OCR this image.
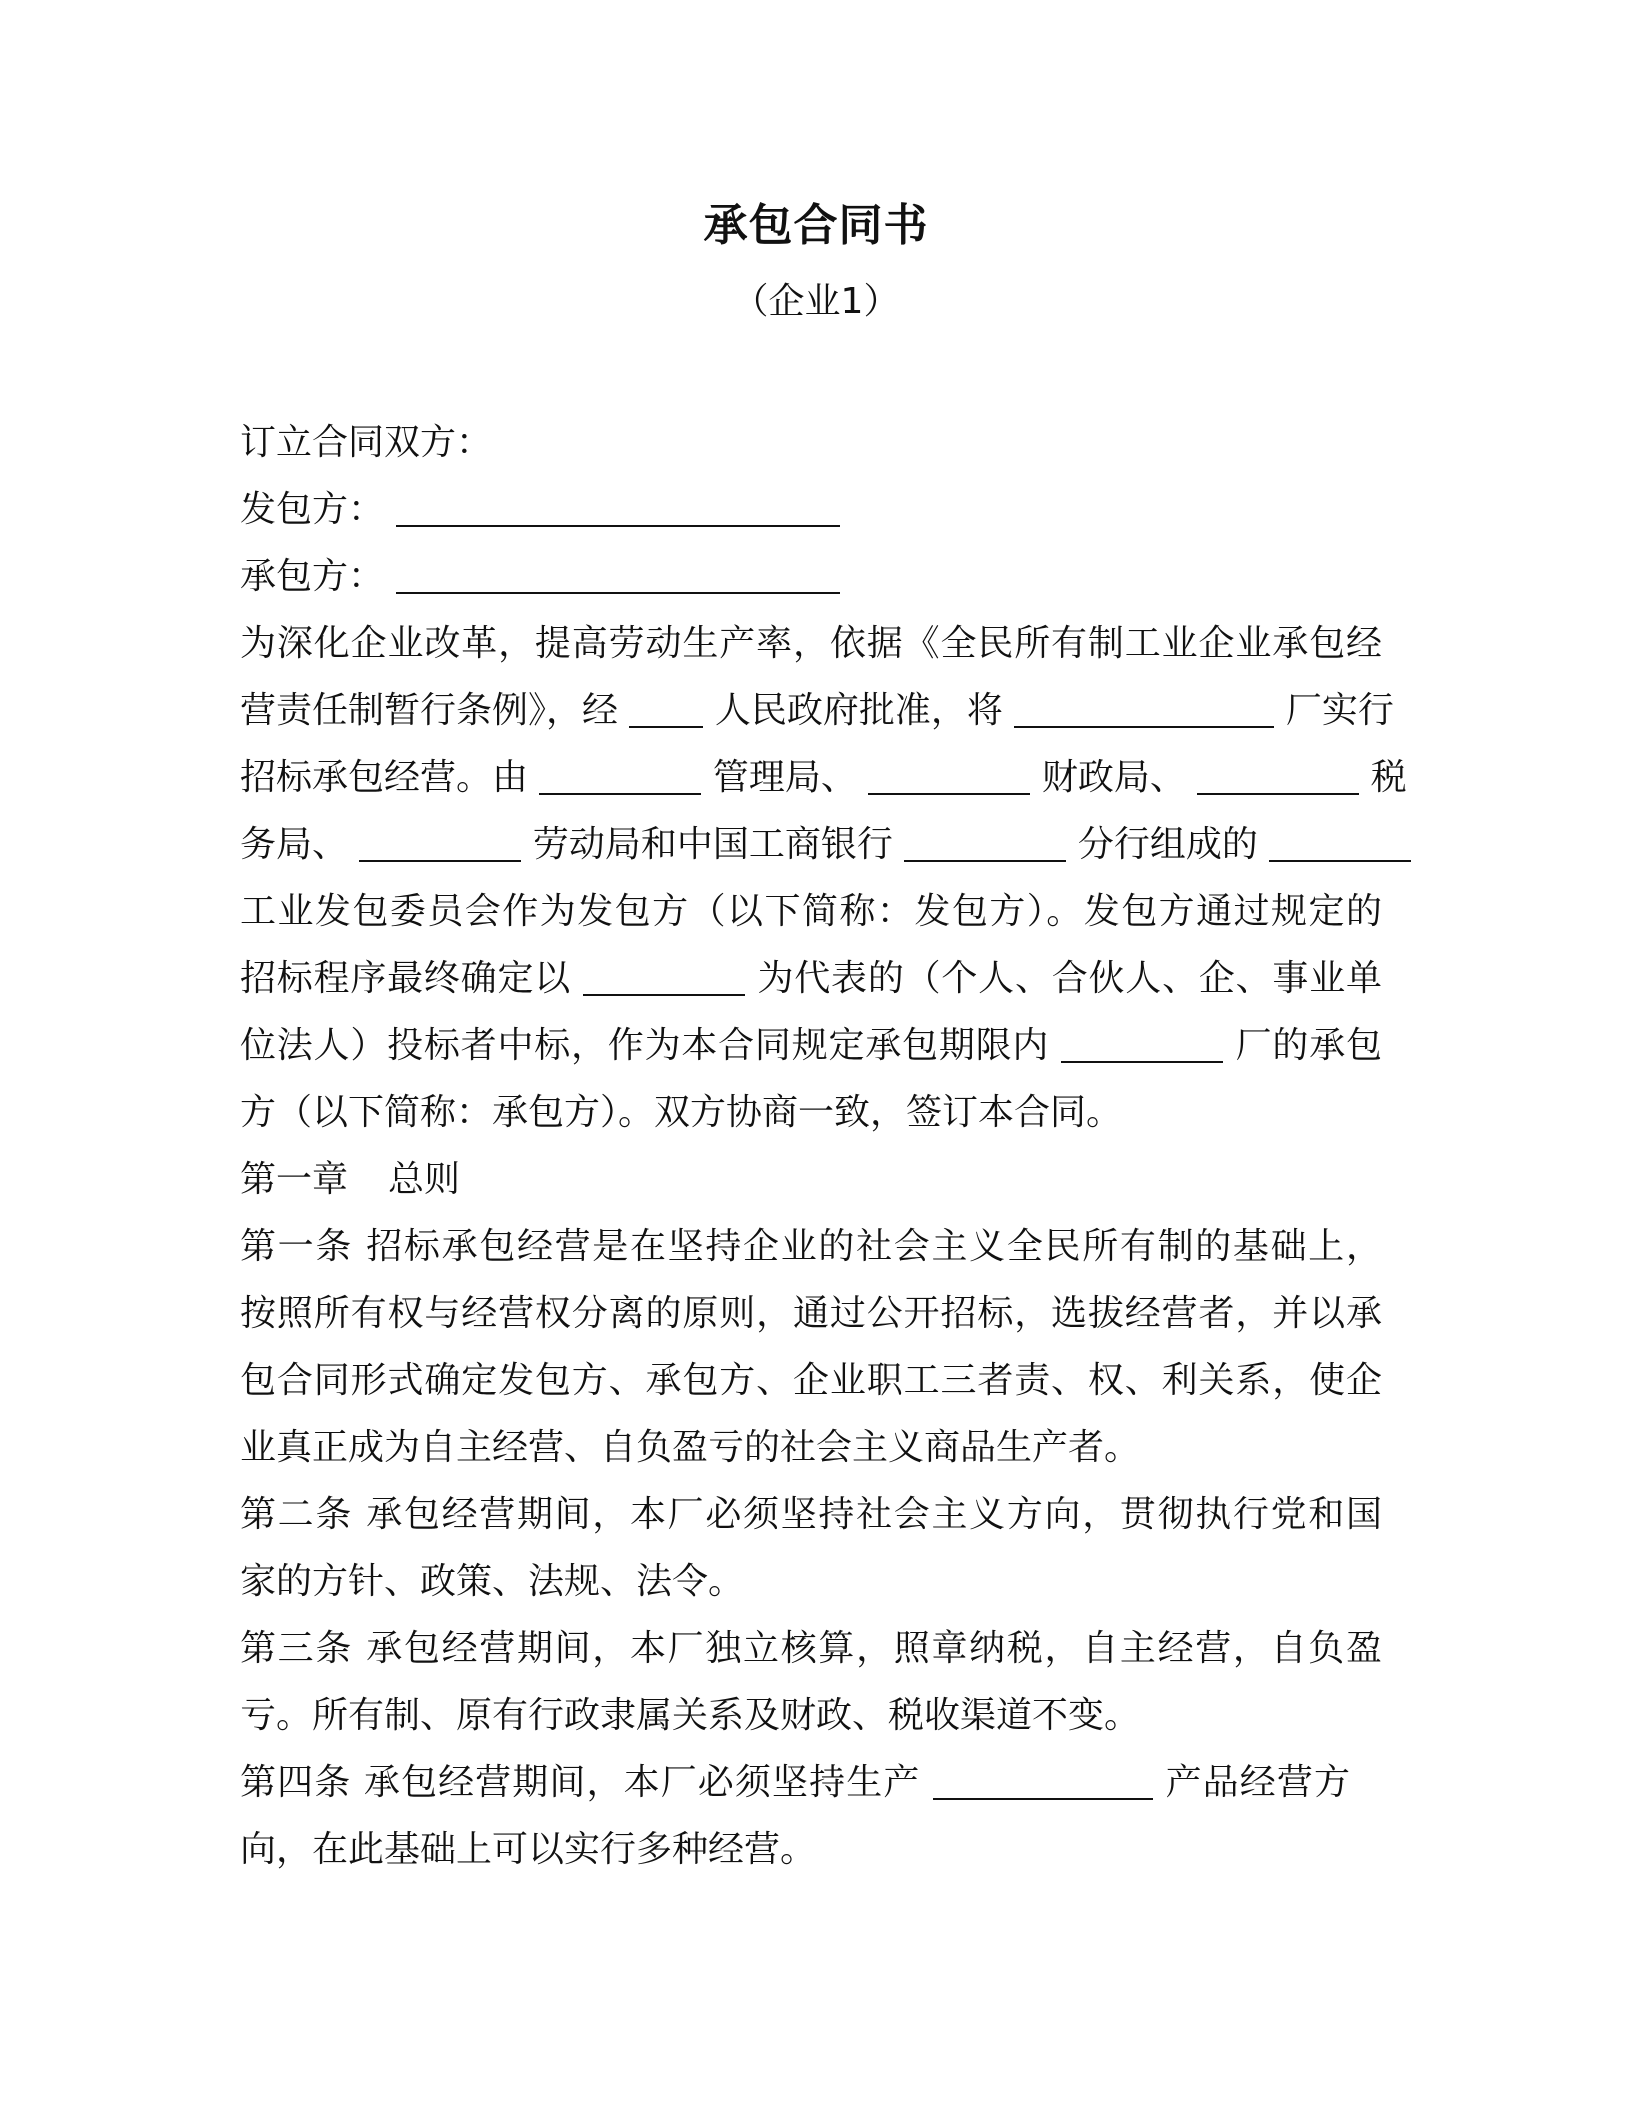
承包合同书
（企业1）
订立合同双方：
发包方：
承包方：
为深化企业改革，提高劳动生产率，依据《全民所有制工业企业承包经
营责任制暂行条例》，经	人民政府批准，将	厂实行
招标承包经营。由	管理局、	财政局、	税
务局、	劳动局和中国工商银行	分行组成的
工业发包委员会作为发包方（以下简称：发包方）。发包方通过规定的
招标程序最终确定以	为代表的（个人、合伙人、企、事业单
位法人）投标者中标，作为本合同规定承包期限内	厂的承包
方（以下简称：承包方）。双方协商一致，签订本合同。
第一章 总则
第一条 招标承包经营是在坚持企业的社会主义全民所有制的基础上，
按照所有权与经营权分离的原则，通过公开招标，选拔经营者，并以承
包合同形式确定发包方、承包方、企业职工三者责、权、利关系，使企
业真正成为自主经营、自负盈亏的社会主义商品生产者。
第二条 承包经营期间，本厂必须坚持社会主义方向，贯彻执行党和国
家的方针、政策、法规、法令。
第三条 承包经营期间，本厂独立核算，照章纳税，自主经营，自负盈
亏。所有制、原有行政隶属关系及财政、税收渠道不变。
第四条 承包经营期间，本厂必须坚持生产	产品经营方
向，在此基础上可以实行多种经营。
